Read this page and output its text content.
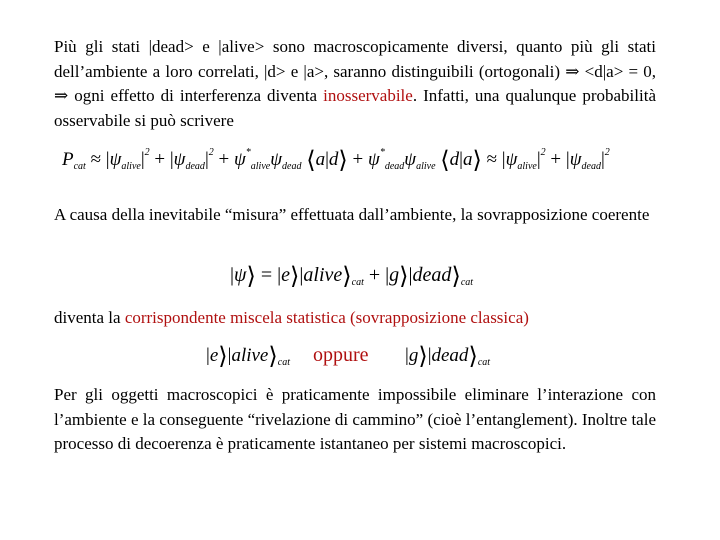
Più gli stati |dead> e |alive> sono macroscopicamente diversi, quanto più gli stati dell’ambiente a loro correlati, |d> e |a>, saranno distinguibili (ortogonali) ⇒ <d|a> = 0, ⇒ ogni effetto di interferenza diventa inosservabile. Infatti, una qualunque probabilità osservabile si può scrivere
$P_{cat} \approx |\psi_{alive}|^2 + |\psi_{dead}|^2 + \psi^*_{alive}\psi_{dead}$ ⟨a|d⟩ + $\psi^*_{dead}\psi_{alive}$ ⟨d|a⟩ ≈ $|\psi_{alive}|^2 + |\psi_{dead}|^2$
A causa della inevitabile “misura” effettuata dall’ambiente, la sovrapposizione coerente
|ψ⟩ = $|e⟩|alive⟩_{cat}$ + $|g⟩|dead⟩_{cat}$
diventa la corrispondente miscela statistica (sovrapposizione classica)
$|e⟩|alive⟩_{cat}$ oppure $|g⟩|dead⟩_{cat}$
Per gli oggetti macroscopici è praticamente impossibile eliminare l’interazione con l’ambiente e la conseguente “rivelazione di cammino” (cioè l’entanglement). Inoltre tale processo di decoerenza è praticamente istantaneo per sistemi macroscopici.
